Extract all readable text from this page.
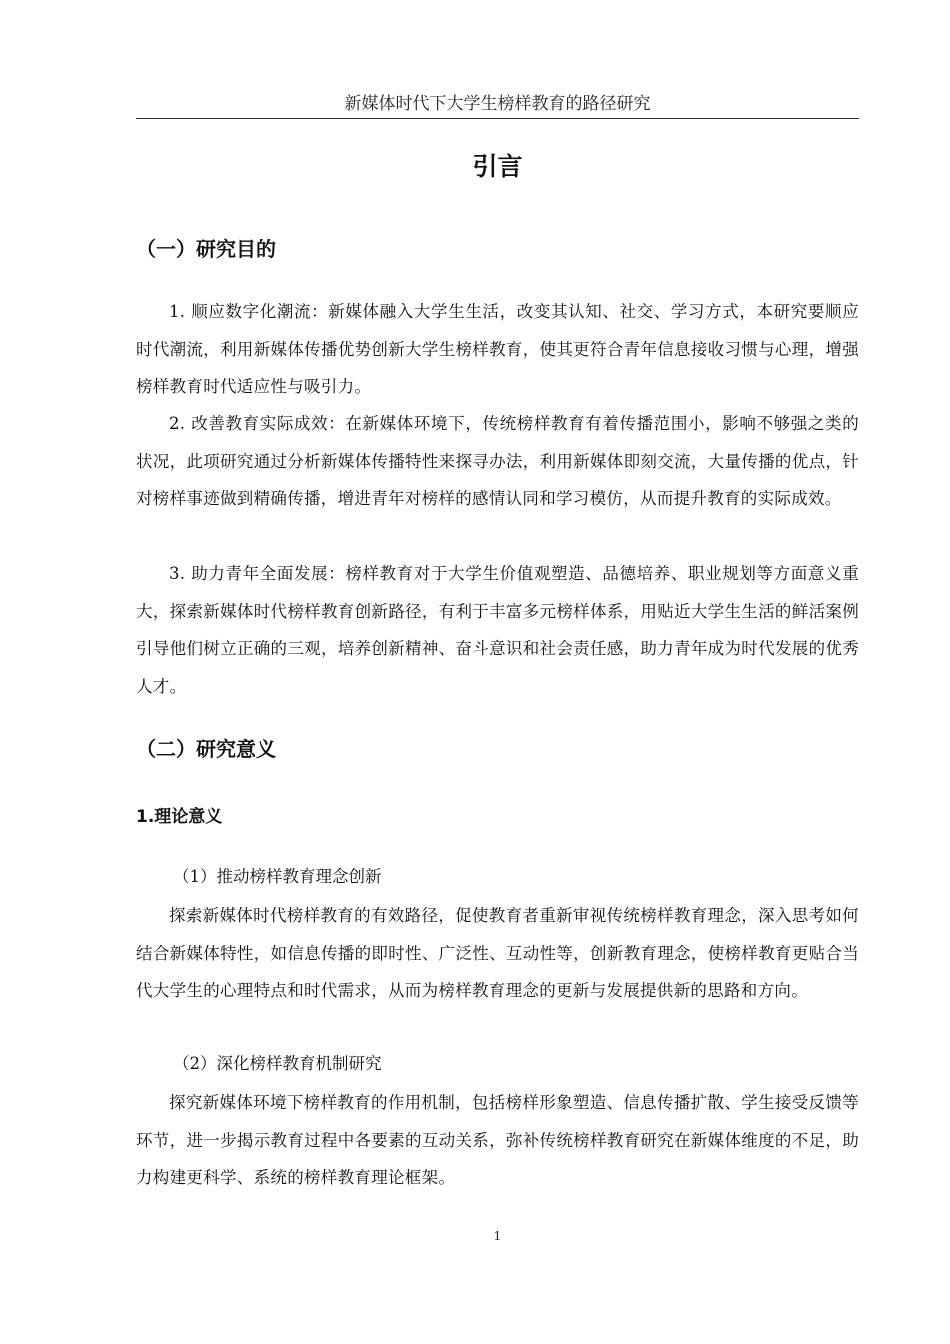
新媒体时代下大学生榜样教育的路径研究
引言
（一）研究目的

1. 顺应数字化潮流：新媒体融入大学生生活，改变其认知、社交、学习方式，本研究要顺应时代潮流，利用新媒体传播优势创新大学生榜样教育，使其更符合青年信息接收习惯与心理，增强榜样教育时代适应性与吸引力。

2. 改善教育实际成效：在新媒体环境下，传统榜样教育有着传播范围小，影响不够强之类的状况，此项研究通过分析新媒体传播特性来探寻办法，利用新媒体即刻交流，大量传播的优点，针对榜样事迹做到精确传播，增进青年对榜样的感情认同和学习模仿，从而提升教育的实际成效。

3. 助力青年全面发展：榜样教育对于大学生价值观塑造、品德培养、职业规划等方面意义重大，探索新媒体时代榜样教育创新路径，有利于丰富多元榜样体系，用贴近大学生生活的鲜活案例引导他们树立正确的三观，培养创新精神、奋斗意识和社会责任感，助力青年成为时代发展的优秀人才。

（二）研究意义
1.理论意义
（1）推动榜样教育理念创新

探索新媒体时代榜样教育的有效路径，促使教育者重新审视传统榜样教育理念，深入思考如何结合新媒体特性，如信息传播的即时性、广泛性、互动性等，创新教育理念，使榜样教育更贴合当代大学生的心理特点和时代需求，从而为榜样教育理念的更新与发展提供新的思路和方向。

（2）深化榜样教育机制研究

探究新媒体环境下榜样教育的作用机制，包括榜样形象塑造、信息传播扩散、学生接受反馈等环节，进一步揭示教育过程中各要素的互动关系，弥补传统榜样教育研究在新媒体维度的不足，助力构建更科学、系统的榜样教育理论框架。

1
